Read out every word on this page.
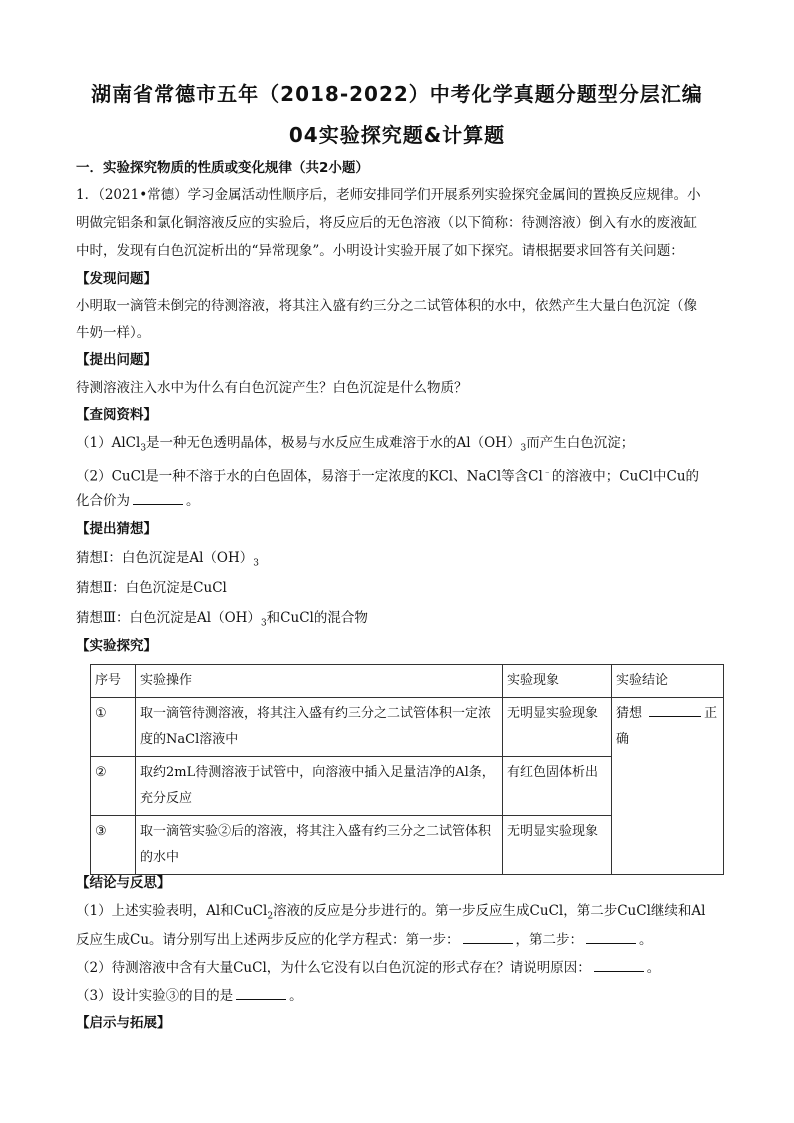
湖南省常德市五年（2018-2022）中考化学真题分题型分层汇编
04实验探究题&计算题
一．实验探究物质的性质或变化规律（共2小题）
1．（2021•常德）学习金属活动性顺序后，老师安排同学们开展系列实验探究金属间的置换反应规律。小
明做完铝条和氯化铜溶液反应的实验后，将反应后的无色溶液（以下简称：待测溶液）倒入有水的废液缸
中时，发现有白色沉淀析出的“异常现象”。小明设计实验开展了如下探究。请根据要求回答有关问题：
【发现问题】
小明取一滴管未倒完的待测溶液，将其注入盛有约三分之二试管体积的水中，依然产生大量白色沉淀（像
牛奶一样）。
【提出问题】
待测溶液注入水中为什么有白色沉淀产生？白色沉淀是什么物质？
【查阅资料】
（1）AlCl$_3$是一种无色透明晶体，极易与水反应生成难溶于水的$Al(OH)_3$而产生白色沉淀；
（2）CuCl是一种不溶于水的白色固体，易溶于一定浓度的KCl、NaCl等含Cl﹣的溶液中；CuCl中Cu的
化合价为	。
【提出猜想】
猜想Ⅰ：白色沉淀是$Al(OH)_3$
猜想Ⅱ：白色沉淀是CuCl
猜想Ⅲ：白色沉淀是$Al(OH)_3$和CuCl的混合物
【实验探究】
序号	实验操作	实验现象	实验结论
①	取一滴管待测溶液，将其注入盛有约三分之二试管体积一定浓度的NaCl溶液中	无明显实验现象	猜想 正确
②	取约2mL待测溶液于试管中，向溶液中插入足量洁净的Al条，充分反应	有红色固体析出	
③	取一滴管实验②后的溶液，将其注入盛有约三分之二试管体积的水中	无明显实验现象	
【结论与反思】
（1）上述实验表明，Al和CuCl$_2$溶液的反应是分步进行的。第一步反应生成CuCl，第二步CuCl继续和Al
反应生成Cu。请分别写出上述两步反应的化学方程式：第一步：	，第二步：	。
（2）待测溶液中含有大量CuCl，为什么它没有以白色沉淀的形式存在？请说明原因：	。
（3）设计实验③的目的是	。
【启示与拓展】
